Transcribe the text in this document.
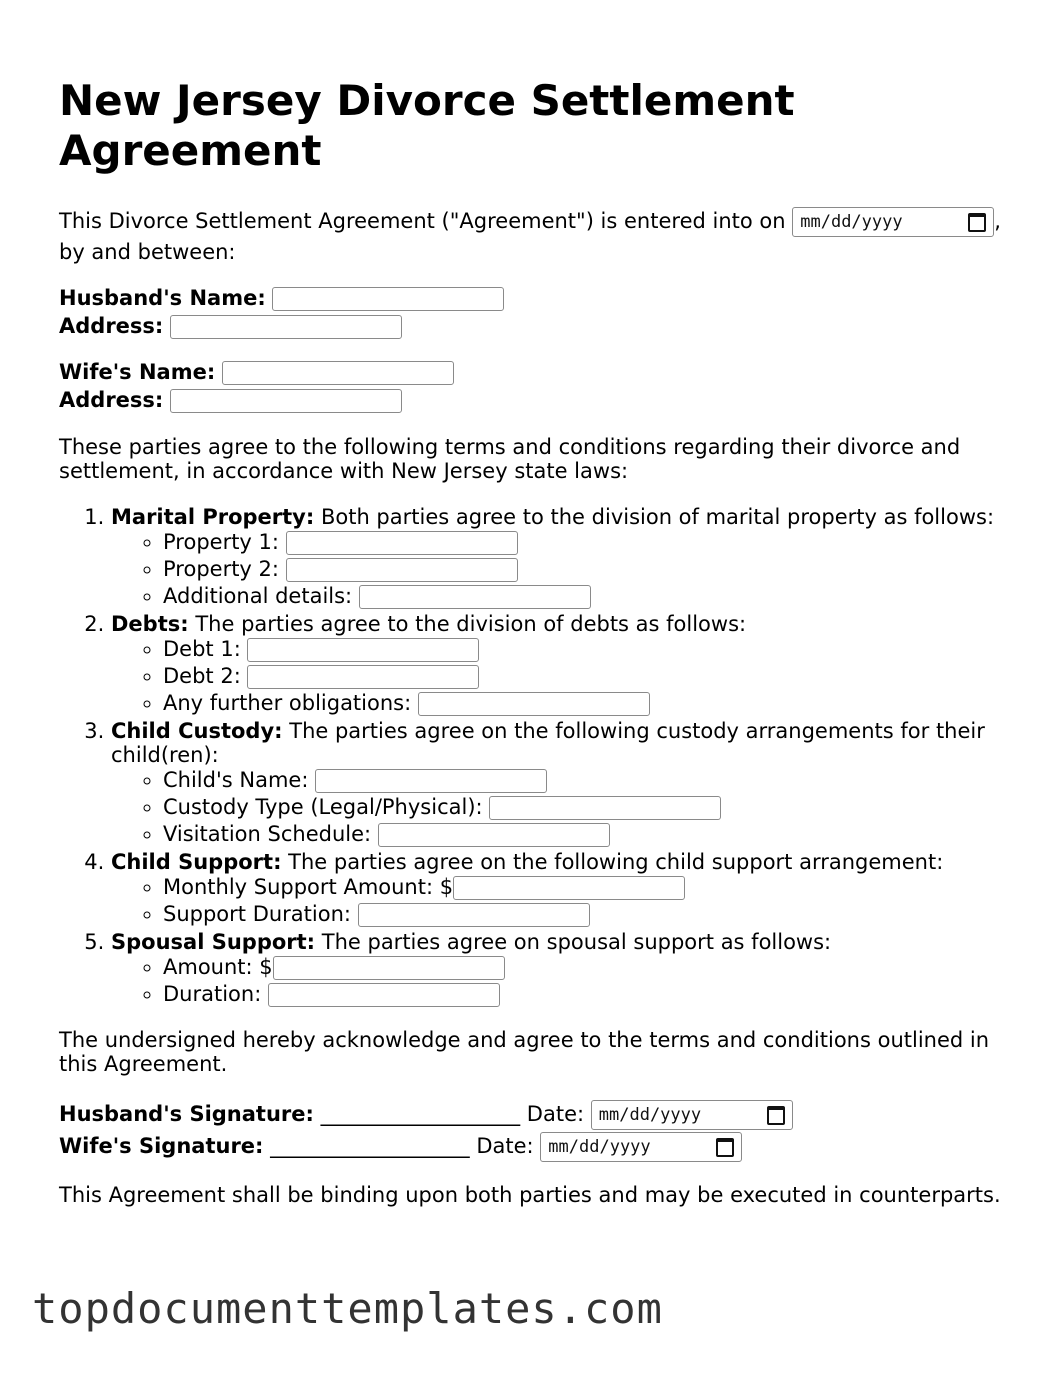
New Jersey Divorce Settlement Agreement

This Divorce Settlement Agreement ("Agreement") is entered into on mm/dd/yyyy	, by and between:

Husband's Name:
Address:
Wife's Name:
Address:

These parties agree to the following terms and conditions regarding their divorce and settlement, in accordance with New Jersey state laws:

1. Marital Property: Both parties agree to the division of marital property as follows:
◦ Property 1:
◦ Property 2:
◦ Additional details:
2. Debts: The parties agree to the division of debts as follows:
◦ Debt 1:
◦ Debt 2:
◦ Any further obligations:
3. Child Custody: The parties agree on the following custody arrangements for their child(ren):
◦ Child's Name:
◦ Custody Type (Legal/Physical):
◦ Visitation Schedule:
4. Child Support: The parties agree on the following child support arrangement:
◦ Monthly Support Amount: $
◦ Support Duration:
5. Spousal Support: The parties agree on spousal support as follows:
◦ Amount: $
◦ Duration:

The undersigned hereby acknowledge and agree to the terms and conditions outlined in this Agreement.

Husband's Signature: ___________________ Date: mm/dd/yyyy
Wife's Signature: ___________________ Date: mm/dd/yyyy

This Agreement shall be binding upon both parties and may be executed in counterparts.

topdocumenttemplates.com
